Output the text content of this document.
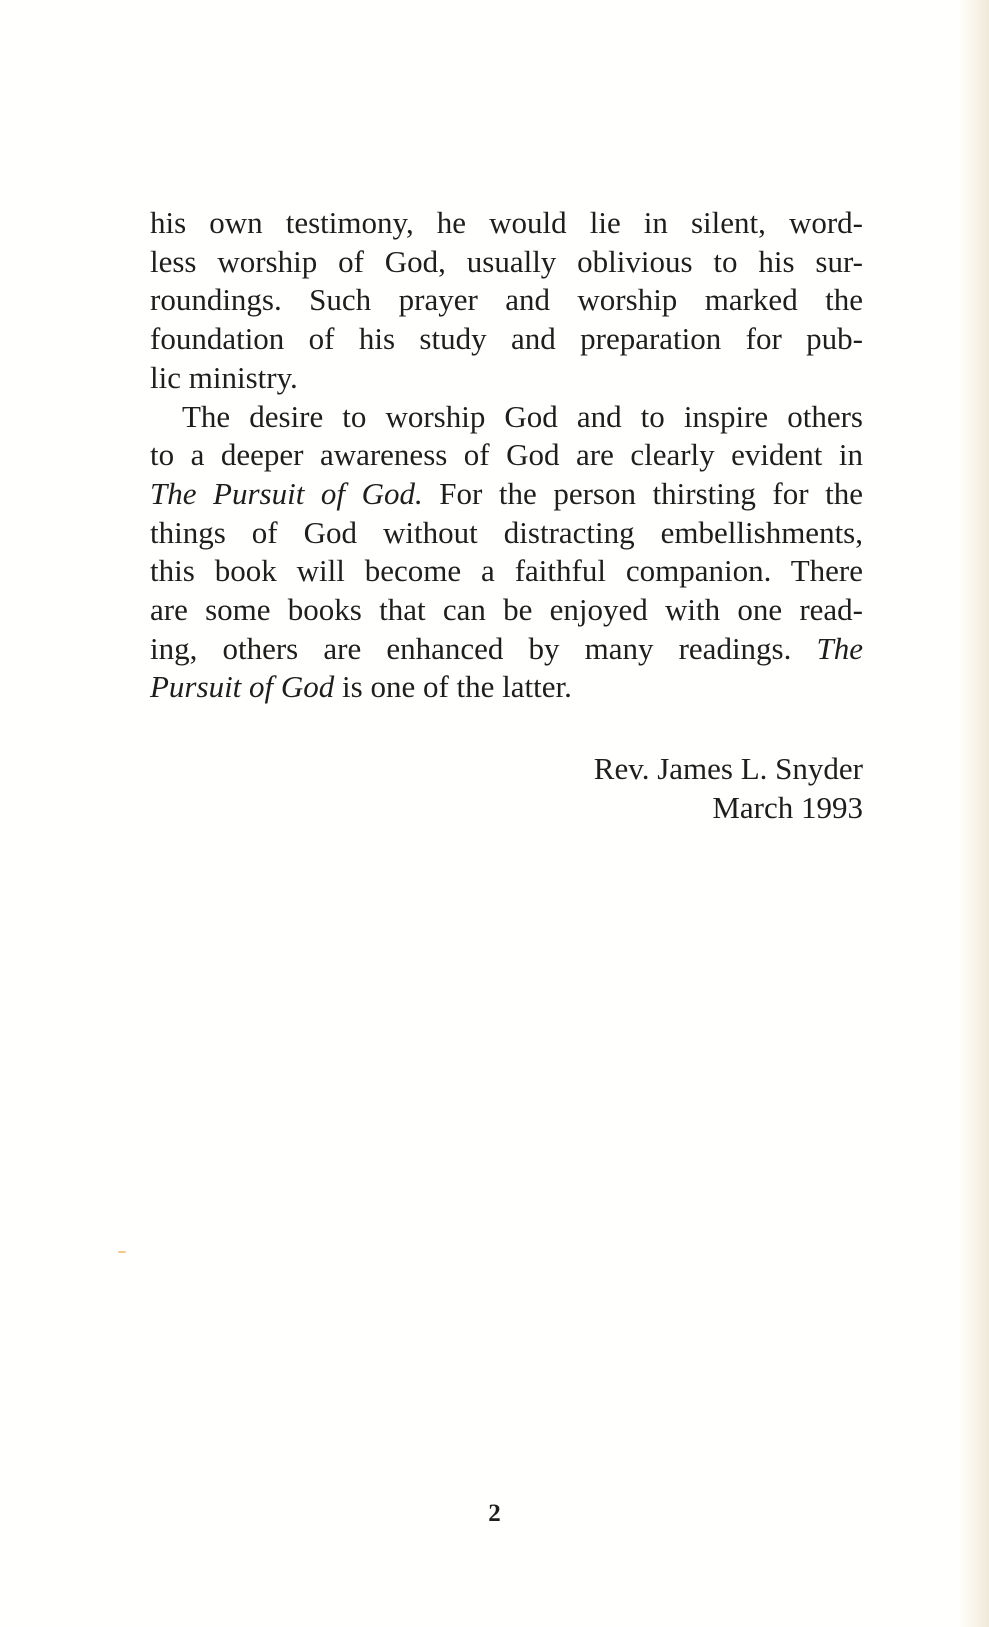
his own testimony, he would lie in silent, word-
less worship of God, usually oblivious to his sur-
roundings. Such prayer and worship marked the
foundation of his study and preparation for pub-
lic ministry.

The desire to worship God and to inspire others
to a deeper awareness of God are clearly evident in
The Pursuit of God. For the person thirsting for the
things of God without distracting embellishments,
this book will become a faithful companion. There
are some books that can be enjoyed with one read-
ing, others are enhanced by many readings. The
Pursuit of God is one of the latter.

Rev. James L. Snyder
March 1993
2
